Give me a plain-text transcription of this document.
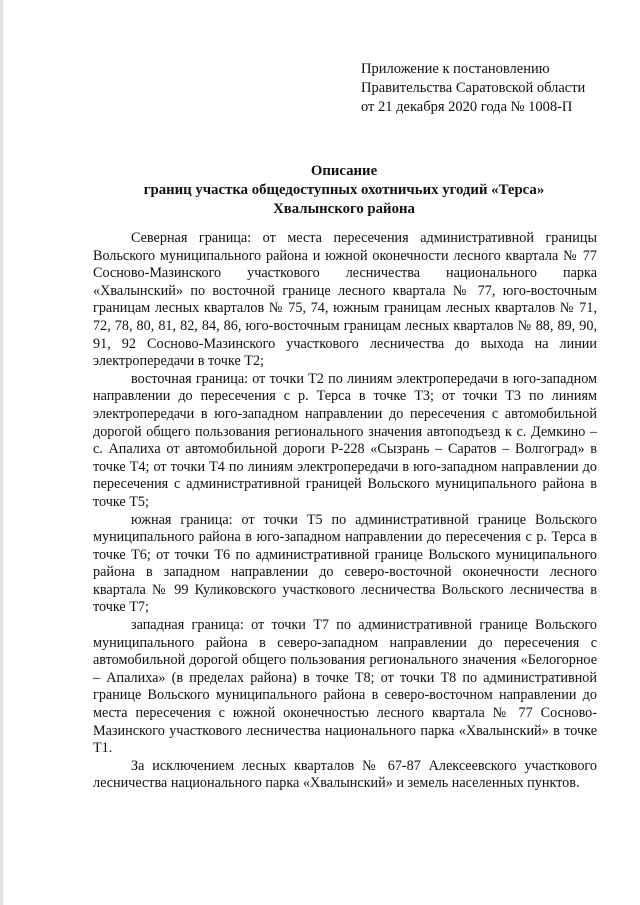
Приложение к постановлению
Правительства Саратовской области
от 21 декабря 2020 года № 1008-П
Описание
границ участка общедоступных охотничьих угодий «Терса»
Хвалынского района

Северная граница: от места пересечения административной границы Вольского муниципального района и южной оконечности лесного квартала № 77 Сосново-Мазинского участкового лесничества национального парка «Хвалынский» по восточной границе лесного квартала № 77, юго-восточным границам лесных кварталов № 75, 74, южным границам лесных кварталов № 71, 72, 78, 80, 81, 82, 84, 86, юго-восточным границам лесных кварталов № 88, 89, 90, 91, 92 Сосново-Мазинского участкового лесничества до выхода на линии электропередачи в точке Т2;

восточная граница: от точки Т2 по линиям электропередачи в юго-западном направлении до пересечения с р. Терса в точке Т3; от точки Т3 по линиям электропередачи в юго-западном направлении до пересечения с автомобильной дорогой общего пользования регионального значения автоподъезд к с. Демкино – с. Апалиха от автомобильной дороги Р-228 «Сызрань – Саратов – Волгоград» в точке Т4; от точки Т4 по линиям электропередачи в юго-западном направлении до пересечения с административной границей Вольского муниципального района в точке Т5;

южная граница: от точки Т5 по административной границе Вольского муниципального района в юго-западном направлении до пересечения с р. Терса в точке Т6; от точки Т6 по административной границе Вольского муниципального района в западном направлении до северо-восточной оконечности лесного квартала № 99 Куликовского участкового лесничества Вольского лесничества в точке Т7;

западная граница: от точки Т7 по административной границе Вольского муниципального района в северо-западном направлении до пересечения с автомобильной дорогой общего пользования регионального значения «Белогорное – Апалиха» (в пределах района) в точке Т8; от точки Т8 по административной границе Вольского муниципального района в северо-восточном направлении до места пересечения с южной оконечностью лесного квартала № 77 Сосново-Мазинского участкового лесничества национального парка «Хвалынский» в точке Т1.

За исключением лесных кварталов № 67-87 Алексеевского участкового лесничества национального парка «Хвалынский» и земель населенных пунктов.
